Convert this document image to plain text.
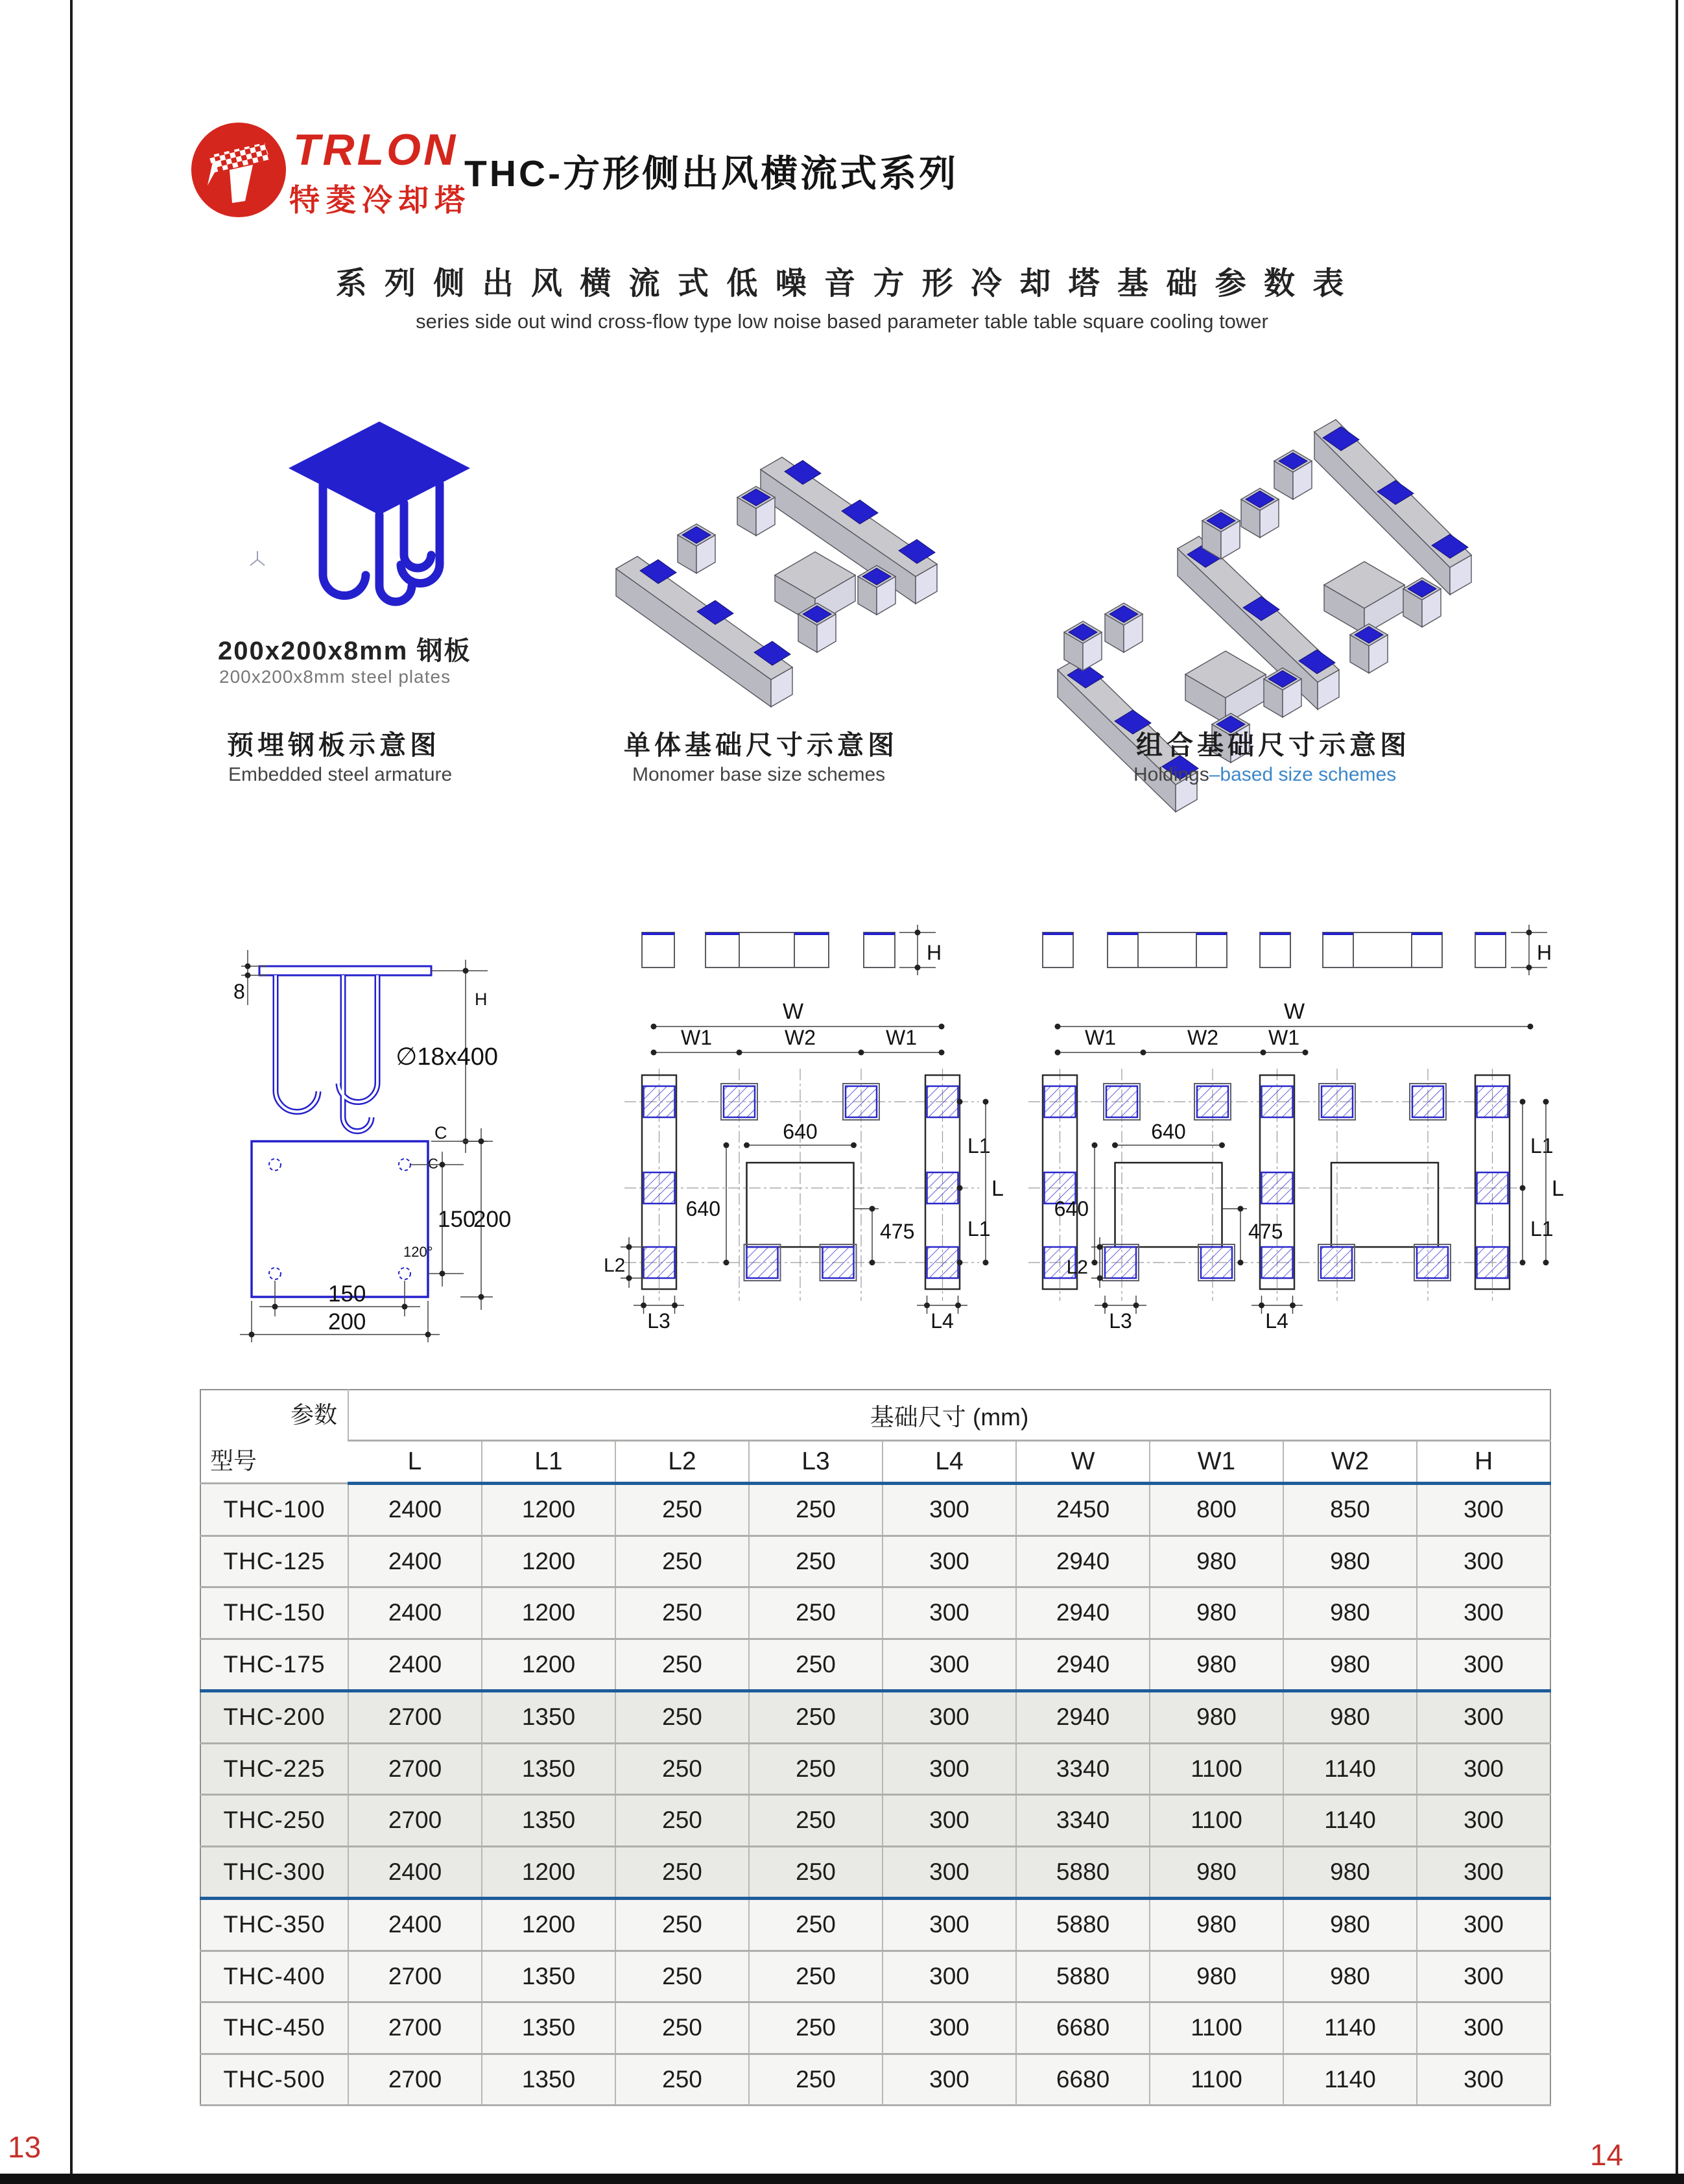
13	14
TRLON
特菱冷却塔
THC-方形侧出风横流式系列
系 列 侧 出 风 横 流 式 低 噪 音 方 形 冷 却 塔 基 础 参 数 表
series side out wind cross-flow type low noise based parameter table table square cooling tower
200x200x8mm 钢板
200x200x8mm steel plates
预埋钢板示意图
Embedded steel armature
单体基础尺寸示意图
Monomer base size schemes
组合基础尺寸示意图
Holdings–based size schemes
8	H
∅18x400
C
C
150
200
120°
150
200
H
W
W1	W2	W1
640
640
475
L1
L
L1
L2
L3	L4
H
W
W1	W2 W1
640
640
475
L1
L
L1
L2
L3	L4
参数
型号	基础尺寸 (mm)								
	L	L1	L2	L3	L4	W	W1	W2	H
THC-100	2400	1200	250	250	300	2450	800	850	300
THC-125	2400	1200	250	250	300	2940	980	980	300
THC-150	2400	1200	250	250	300	2940	980	980	300
THC-175	2400	1200	250	250	300	2940	980	980	300
THC-200	2700	1350	250	250	300	2940	980	980	300
THC-225	2700	1350	250	250	300	3340	1100	1140	300
THC-250	2700	1350	250	250	300	3340	1100	1140	300
THC-300	2400	1200	250	250	300	5880	980	980	300
THC-350	2400	1200	250	250	300	5880	980	980	300
THC-400	2700	1350	250	250	300	5880	980	980	300
THC-450	2700	1350	250	250	300	6680	1100	1140	300
THC-500	2700	1350	250	250	300	6680	1100	1140	300
